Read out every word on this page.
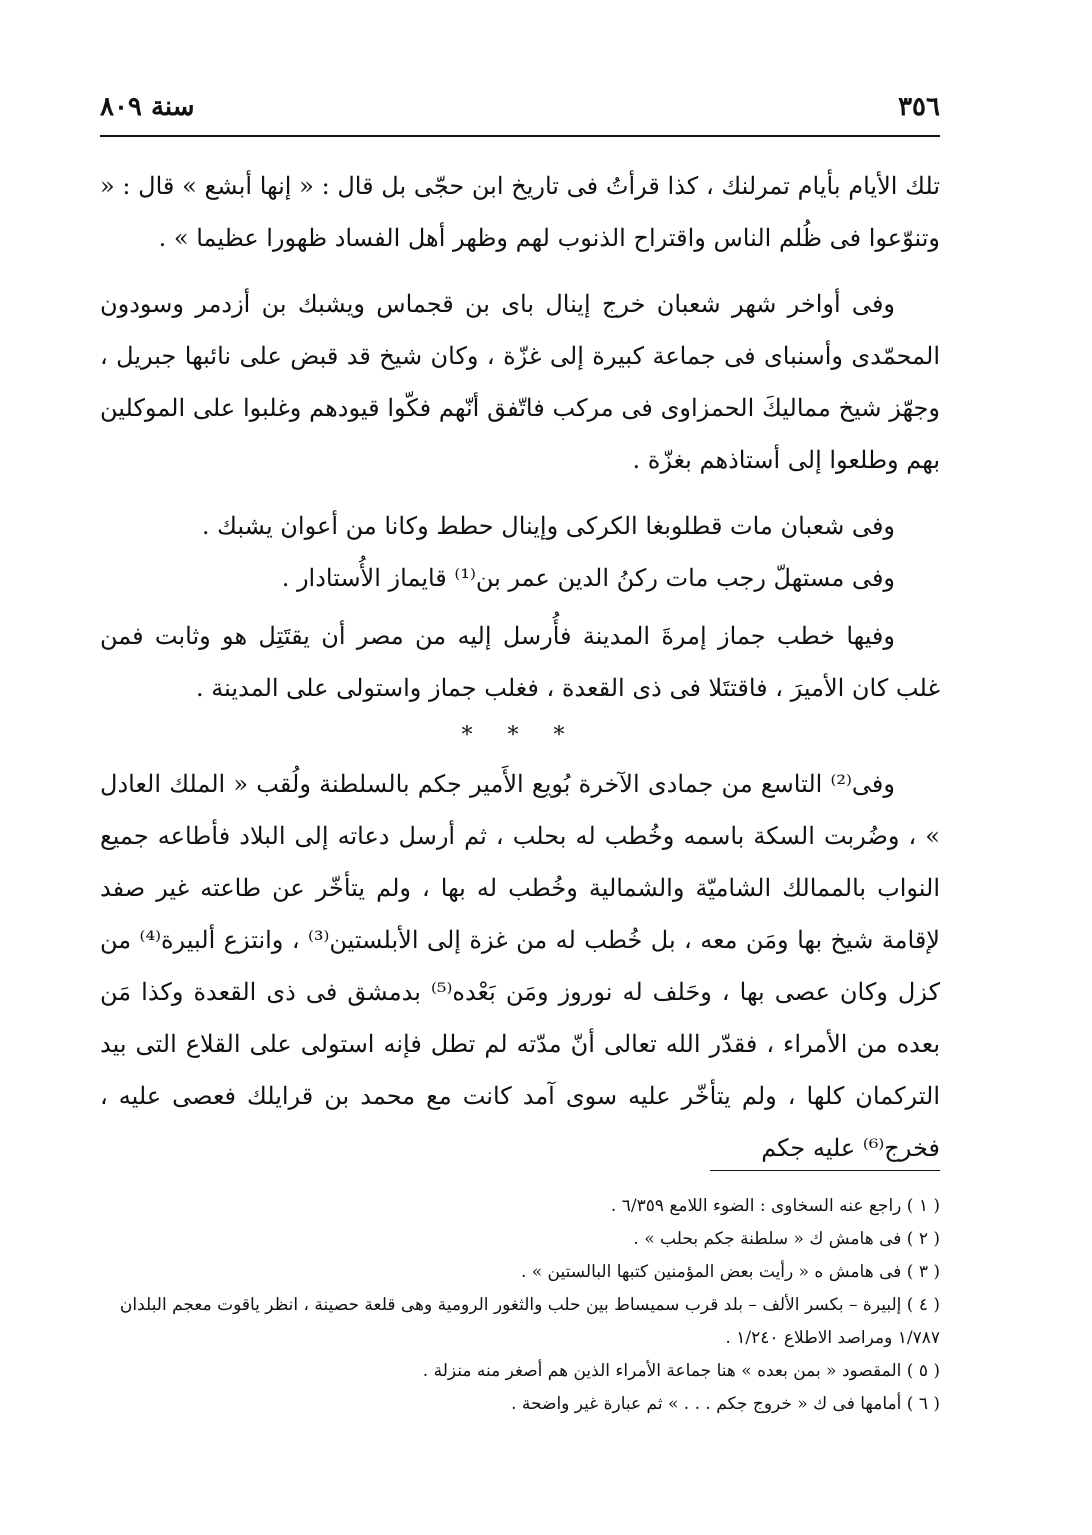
٣٥٦
سنة ٨٠٩

تلك الأيام بأيام تمرلنك ، كذا قرأتُ فى تاريخ ابن حجّى بل قال : « إنها أبشع » قال : « وتنوّعوا فى ظُلم الناس واقتراح الذنوب لهم وظهر أهل الفساد ظهورا عظيما » .

وفى أواخر شهر شعبان خرج إينال باى بن قجماس ويشبك بن أزدمر وسودون المحمّدى وأسنباى فى جماعة كبيرة إلى غزّة ، وكان شيخ قد قبض على نائبها جبريل ، وجهّز شيخ مماليكَ الحمزاوى فى مركب فاتّفق أنّهم فكّوا قيودهم وغلبوا على الموكلين بهم وطلعوا إلى أستاذهم بغزّة .

وفى شعبان مات قطلوبغا الكركى وإينال حطط وكانا من أعوان يشبك .

وفى مستهلّ رجب مات ركنُ الدين عمر بن⁽¹⁾ قايماز الأُستادار .

وفيها خطب جماز إمرةَ المدينة فأُرسل إليه من مصر أن يقتَتِل هو وثابت فمن غلب كان الأميرَ ، فاقتتَلا فى ذى القعدة ، فغلب جماز واستولى على المدينة .

* * *

وفى⁽²⁾ التاسع من جمادى الآخرة بُويع الأَمير جكم بالسلطنة ولُقب « الملك العادل » ، وضُربت السكة باسمه وخُطب له بحلب ، ثم أرسل دعاته إلى البلاد فأطاعه جميع النواب بالممالك الشاميّة والشمالية وخُطب له بها ، ولم يتأخّر عن طاعته غير صفد لإقامة شيخ بها ومَن معه ، بل خُطب له من غزة إلى الأبلستين⁽³⁾ ، وانتزع ألبيرة⁽⁴⁾ من كزل وكان عصى بها ، وحَلف له نوروز ومَن بَعْده⁽⁵⁾ بدمشق فى ذى القعدة وكذا مَن بعده من الأمراء ، فقدّر الله تعالى أنّ مدّته لم تطل فإنه استولى على القلاع التى بيد التركمان كلها ، ولم يتأخّر عليه سوى آمد كانت مع محمد بن قرايلك فعصى عليه ، فخرج⁽⁶⁾ عليه جكم

( ١ ) راجع عنه السخاوى : الضوء اللامع ٦/٣٥٩ .

( ٢ ) فى هامش ك « سلطنة جكم بحلب » .

( ٣ ) فى هامش ه « رأيت بعض المؤمنين كتبها البالستين » .

( ٤ ) إلبيرة – بكسر الألف – بلد قرب سميساط بين حلب والثغور الرومية وهى قلعة حصينة ، انظر ياقوت معجم البلدان ١/٧٨٧ ومراصد الاطلاع ١/٢٤٠ .

( ٥ ) المقصود « بمن بعده » هنا جماعة الأمراء الذين هم أصغر منه منزلة .

( ٦ ) أمامها فى ك « خروج جكم . . . » ثم عبارة غير واضحة .
